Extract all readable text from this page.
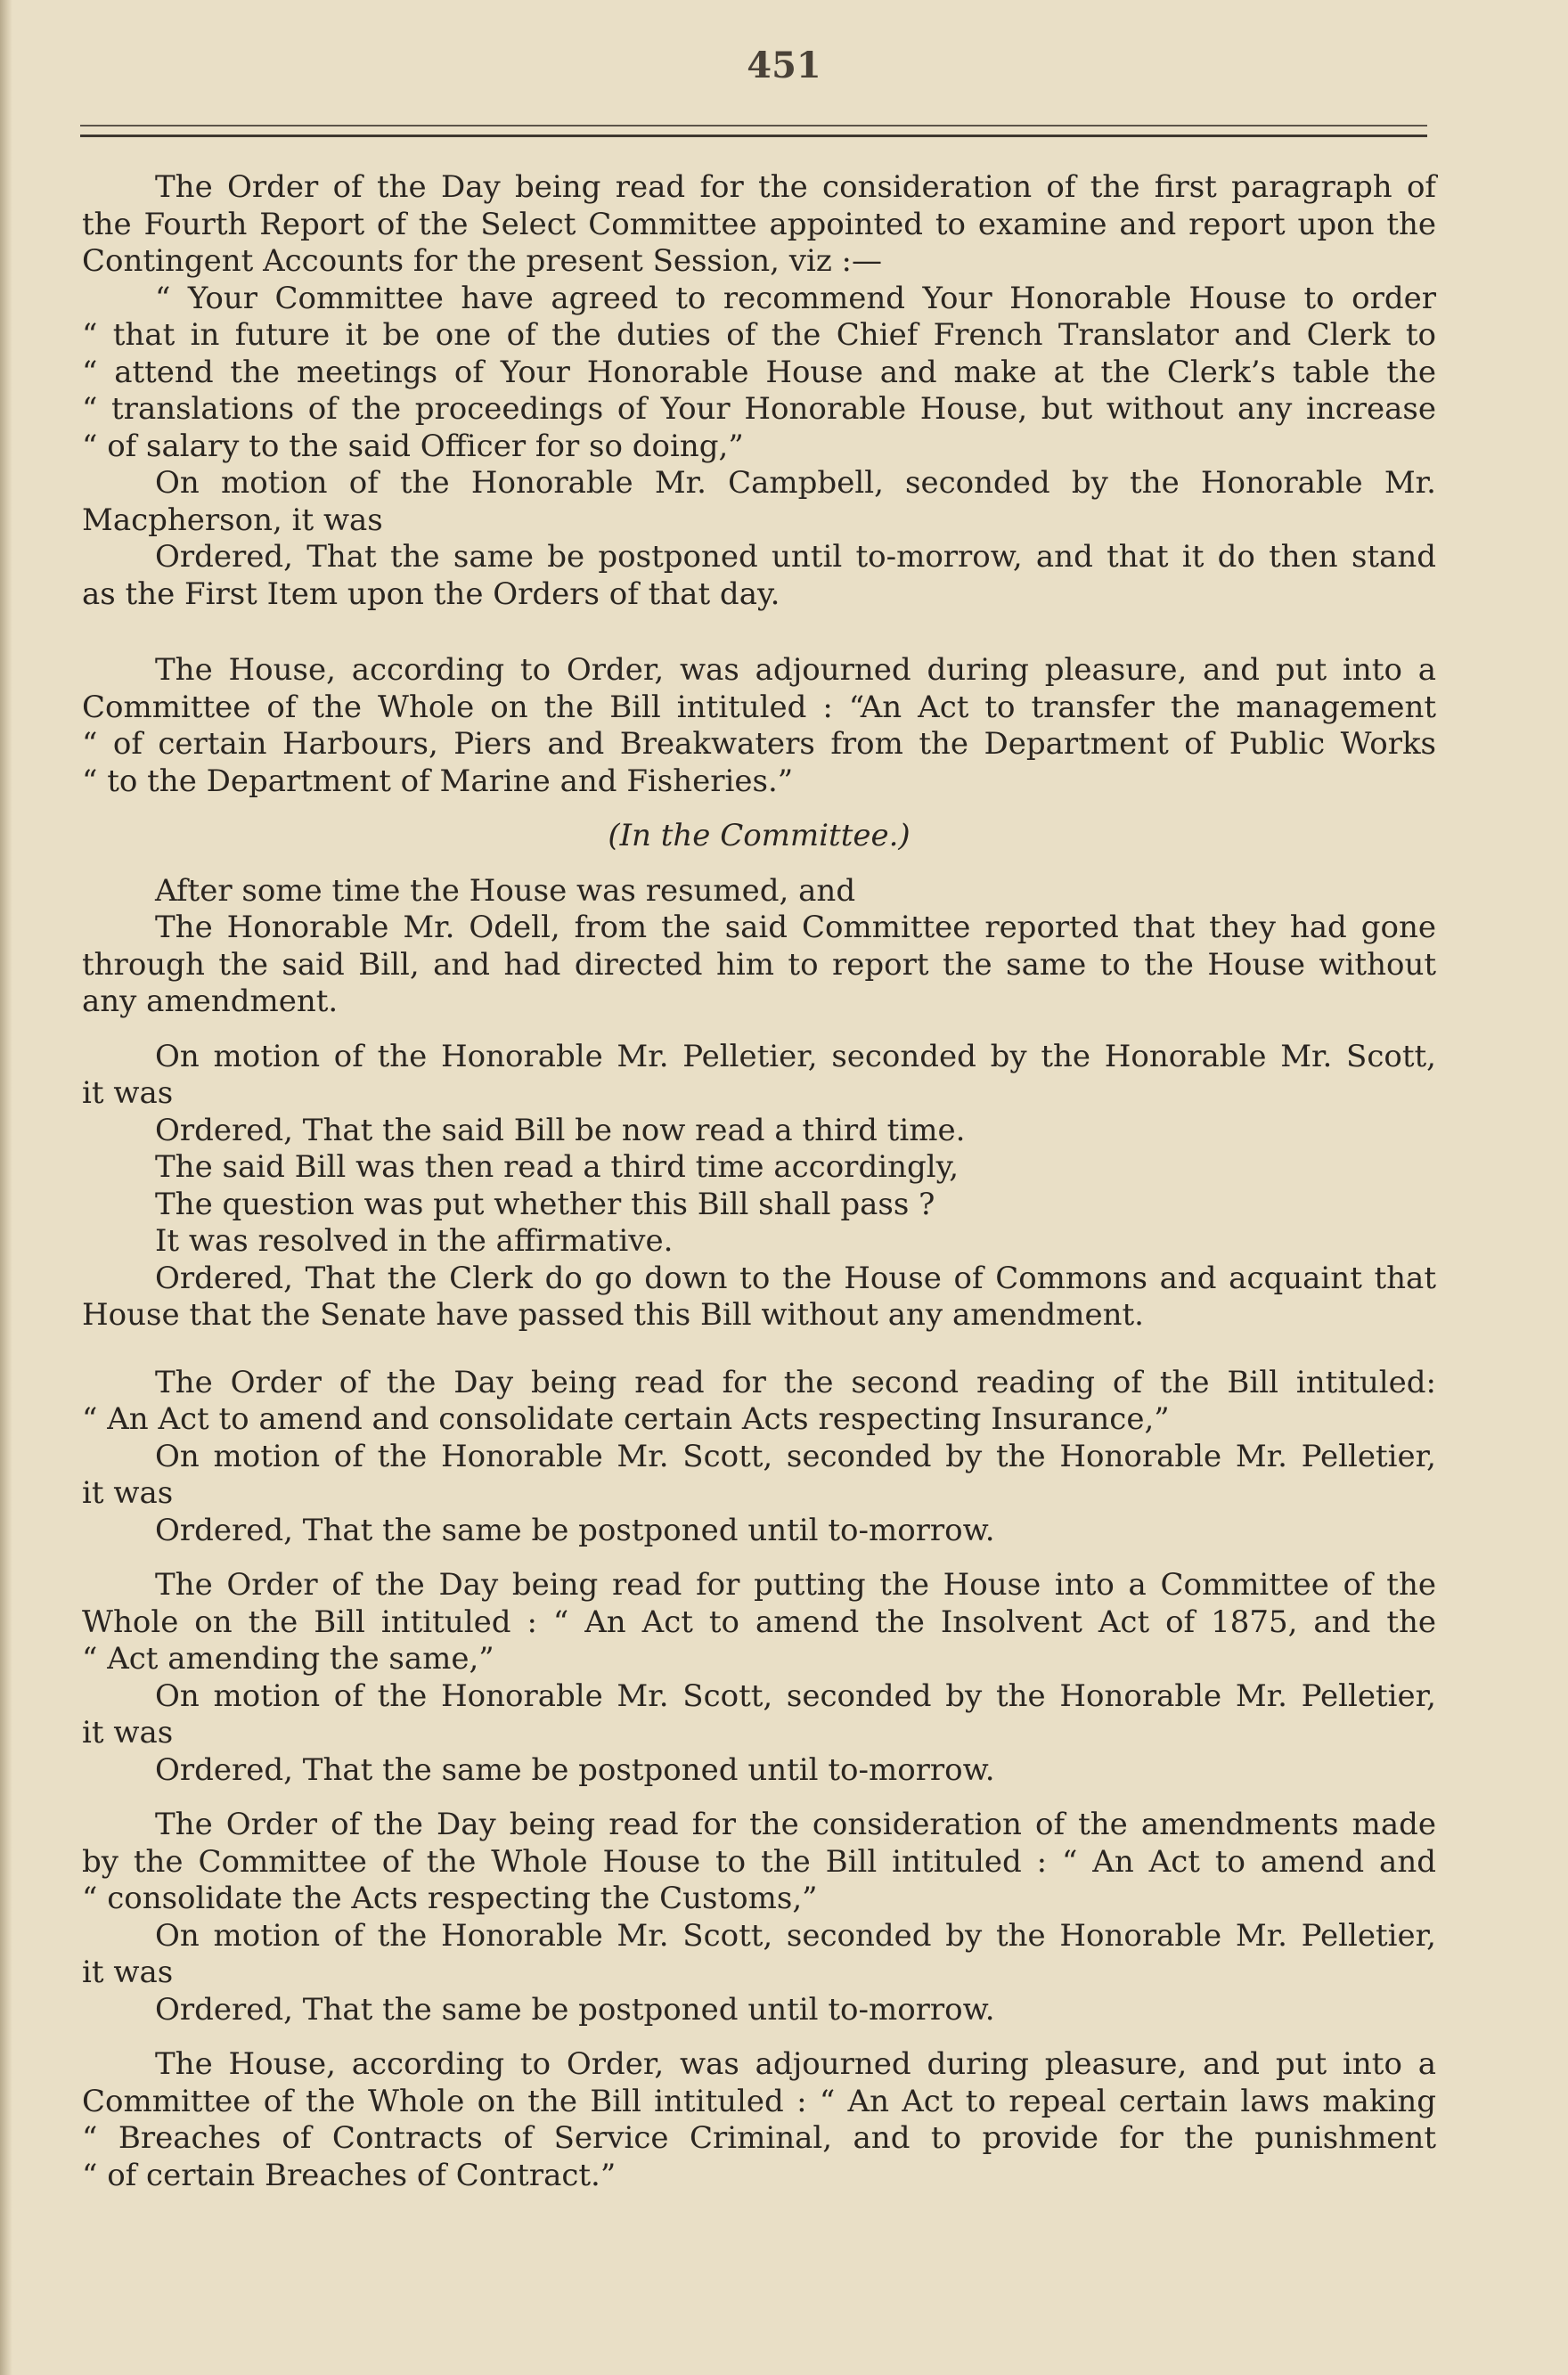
451
The Order of the Day being read for the consideration of the first paragraph of
the Fourth Report of the Select Committee appointed to examine and report upon the
Contingent Accounts for the present Session, viz :—
“ Your Committee have agreed to recommend Your Honorable House to order
“ that in future it be one of the duties of the Chief French Translator and Clerk to
“ attend the meetings of Your Honorable House and make at the Clerk’s table the
“ translations of the proceedings of Your Honorable House, but without any increase
“ of salary to the said Officer for so doing,”
On motion of the Honorable Mr. Campbell, seconded by the Honorable Mr.
Macpherson, it was
Ordered, That the same be postponed until to-morrow, and that it do then stand
as the First Item upon the Orders of that day.
The House, according to Order, was adjourned during pleasure, and put into a
Committee of the Whole on the Bill intituled : “An Act to transfer the management
“ of certain Harbours, Piers and Breakwaters from the Department of Public Works
“ to the Department of Marine and Fisheries.”
(In the Committee.)
After some time the House was resumed, and
The Honorable Mr. Odell, from the said Committee reported that they had gone
through the said Bill, and had directed him to report the same to the House without
any amendment.
On motion of the Honorable Mr. Pelletier, seconded by the Honorable Mr. Scott,
it was
Ordered, That the said Bill be now read a third time.
The said Bill was then read a third time accordingly,
The question was put whether this Bill shall pass ?
It was resolved in the affirmative.
Ordered, That the Clerk do go down to the House of Commons and acquaint that
House that the Senate have passed this Bill without any amendment.
The Order of the Day being read for the second reading of the Bill intituled:
“ An Act to amend and consolidate certain Acts respecting Insurance,”
On motion of the Honorable Mr. Scott, seconded by the Honorable Mr. Pelletier,
it was
Ordered, That the same be postponed until to-morrow.
The Order of the Day being read for putting the House into a Committee of the
Whole on the Bill intituled : “ An Act to amend the Insolvent Act of 1875, and the
“ Act amending the same,”
On motion of the Honorable Mr. Scott, seconded by the Honorable Mr. Pelletier,
it was
Ordered, That the same be postponed until to-morrow.
The Order of the Day being read for the consideration of the amendments made
by the Committee of the Whole House to the Bill intituled : “ An Act to amend and
“ consolidate the Acts respecting the Customs,”
On motion of the Honorable Mr. Scott, seconded by the Honorable Mr. Pelletier,
it was
Ordered, That the same be postponed until to-morrow.
The House, according to Order, was adjourned during pleasure, and put into a
Committee of the Whole on the Bill intituled : “ An Act to repeal certain laws making
“ Breaches of Contracts of Service Criminal, and to provide for the punishment
“ of certain Breaches of Contract.”
